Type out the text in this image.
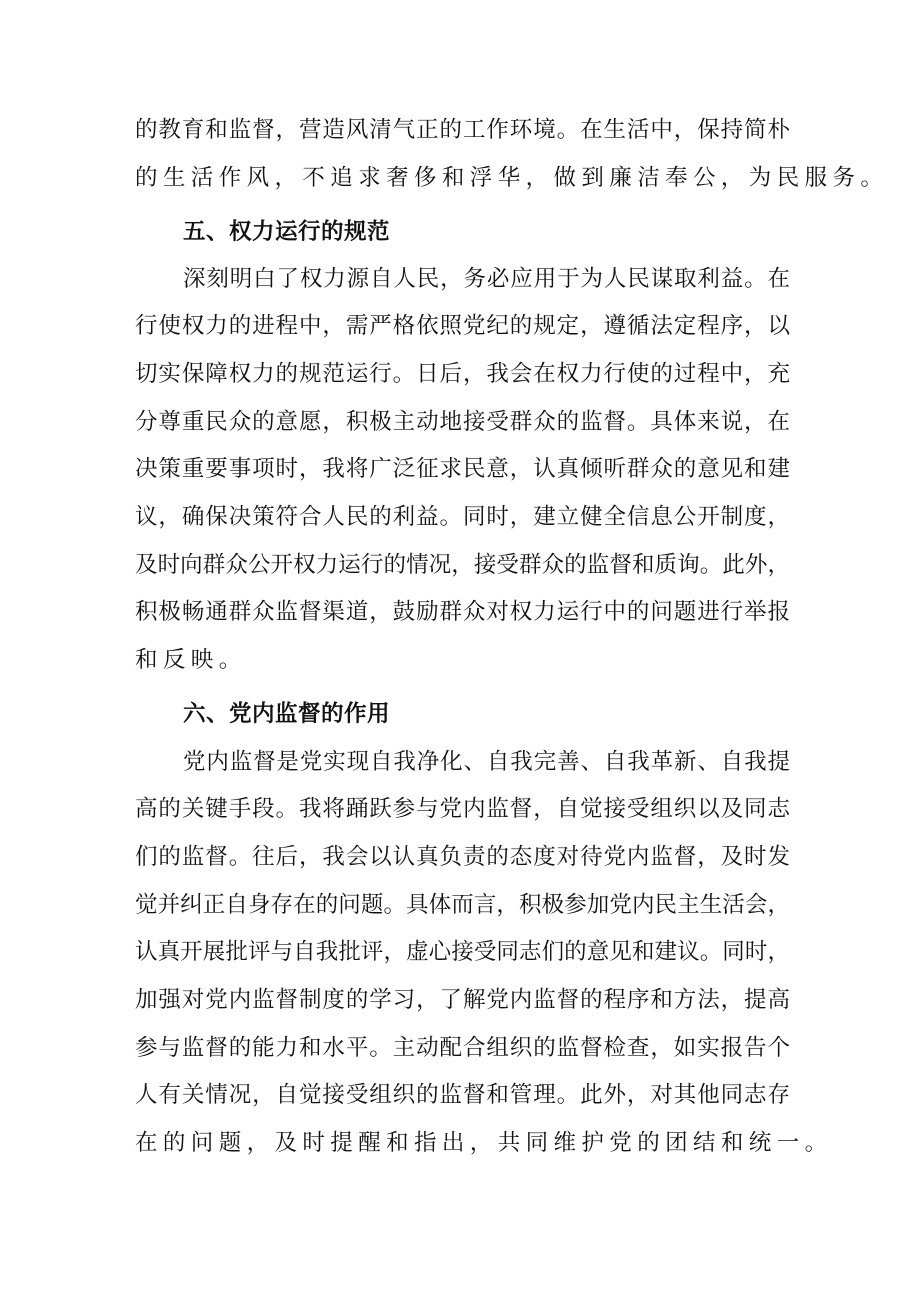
的教育和监督，营造风清气正的工作环境。在生活中，保持简朴
的生活作风，不追求奢侈和浮华，做到廉洁奉公，为民服务。
五、权力运行的规范
深刻明白了权力源自人民，务必应用于为人民谋取利益。在
行使权力的进程中，需严格依照党纪的规定，遵循法定程序，以
切实保障权力的规范运行。日后，我会在权力行使的过程中，充
分尊重民众的意愿，积极主动地接受群众的监督。具体来说，在
决策重要事项时，我将广泛征求民意，认真倾听群众的意见和建
议，确保决策符合人民的利益。同时，建立健全信息公开制度，
及时向群众公开权力运行的情况，接受群众的监督和质询。此外，
积极畅通群众监督渠道，鼓励群众对权力运行中的问题进行举报
和反映。
六、党内监督的作用
党内监督是党实现自我净化、自我完善、自我革新、自我提
高的关键手段。我将踊跃参与党内监督，自觉接受组织以及同志
们的监督。往后，我会以认真负责的态度对待党内监督，及时发
觉并纠正自身存在的问题。具体而言，积极参加党内民主生活会，
认真开展批评与自我批评，虚心接受同志们的意见和建议。同时，
加强对党内监督制度的学习，了解党内监督的程序和方法，提高
参与监督的能力和水平。主动配合组织的监督检查，如实报告个
人有关情况，自觉接受组织的监督和管理。此外，对其他同志存
在的问题，及时提醒和指出，共同维护党的团结和统一。
